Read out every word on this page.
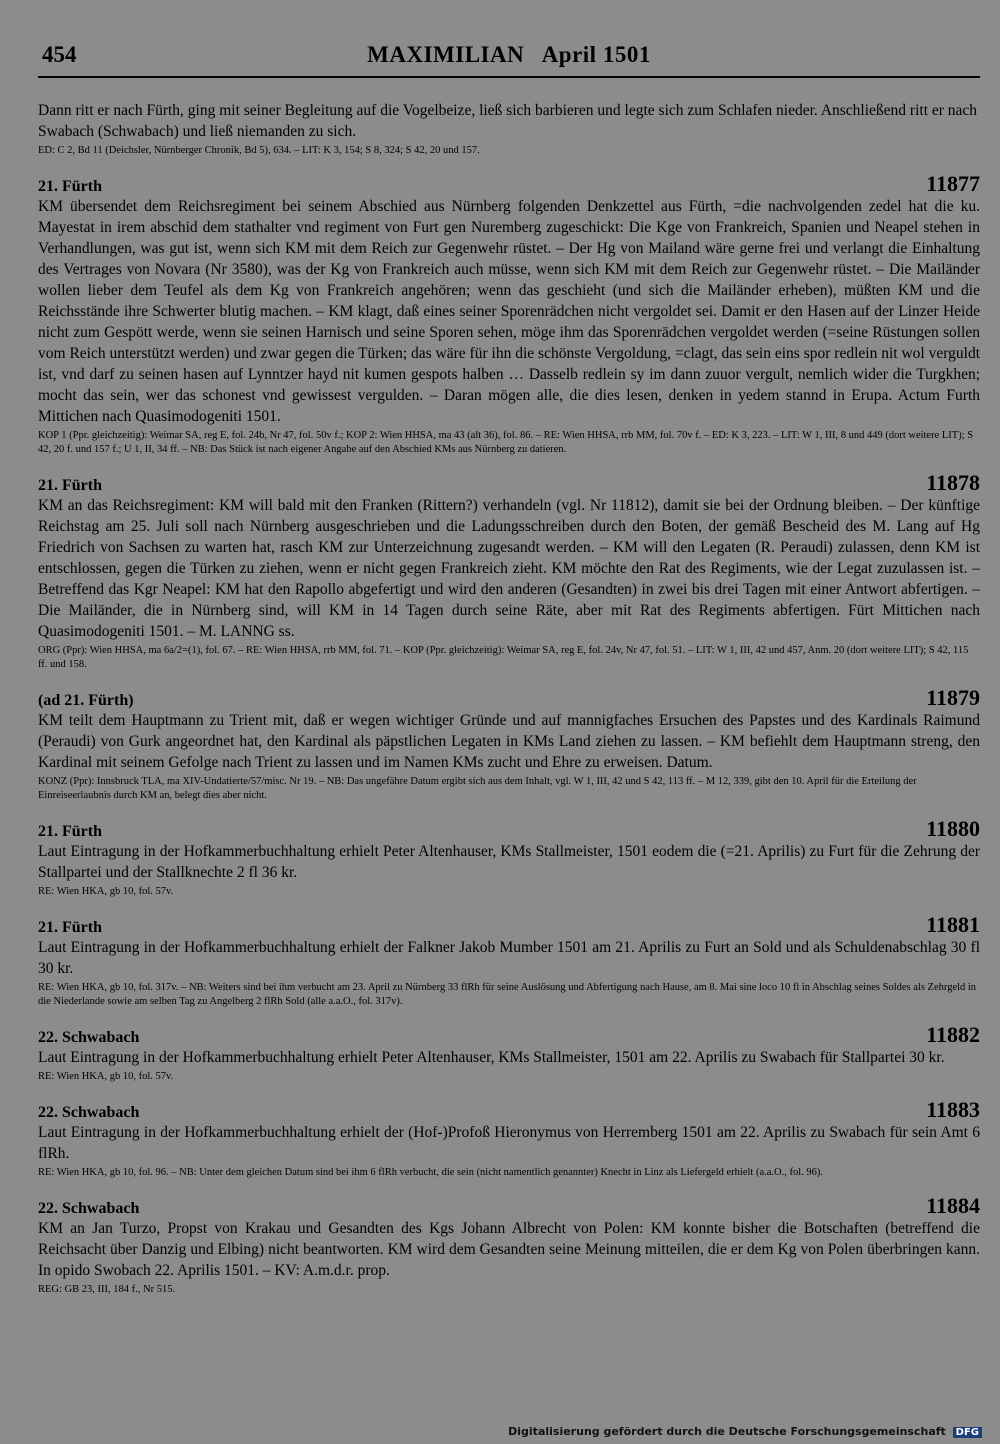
454	MAXIMILIAN   April 1501
Dann ritt er nach Fürth, ging mit seiner Begleitung auf die Vogelbeize, ließ sich barbieren und legte sich zum Schlafen nieder. Anschließend ritt er nach Swabach (Schwabach) und ließ niemanden zu sich.
ED: C 2, Bd 11 (Deichsler, Nürnberger Chronik, Bd 5), 634. – LIT: K 3, 154; S 8, 324; S 42, 20 und 157.
21. Fürth	11877
KM übersendet dem Reichsregiment bei seinem Abschied aus Nürnberg folgenden Denkzettel aus Fürth, =die nachvolgenden zedel hat die ku. Mayestat in irem abschid dem stathalter vnd regiment von Furt gen Nuremberg zugeschickt: Die Kge von Frankreich, Spanien und Neapel stehen in Verhandlungen, was gut ist, wenn sich KM mit dem Reich zur Gegenwehr rüstet. – Der Hg von Mailand wäre gerne frei und verlangt die Einhaltung des Vertrages von Novara (Nr 3580), was der Kg von Frankreich auch müsse, wenn sich KM mit dem Reich zur Gegenwehr rüstet. – Die Mailänder wollen lieber dem Teufel als dem Kg von Frankreich angehören; wenn das geschieht (und sich die Mailänder erheben), müßten KM und die Reichsstände ihre Schwerter blutig machen. – KM klagt, daß eines seiner Sporenrädchen nicht vergoldet sei. Damit er den Hasen auf der Linzer Heide nicht zum Gespött werde, wenn sie seinen Harnisch und seine Sporen sehen, möge ihm das Sporenrädchen vergoldet werden (=seine Rüstungen sollen vom Reich unterstützt werden) und zwar gegen die Türken; das wäre für ihn die schönste Vergoldung, =clagt, das sein eins spor redlein nit wol verguldt ist, vnd darf zu seinen hasen auf Lynntzer hayd nit kumen gespots halben … Dasselb redlein sy im dann zuuor vergult, nemlich wider die Turgkhen; mocht das sein, wer das schonest vnd gewissest vergulden. – Daran mögen alle, die dies lesen, denken in yedem stannd in Erupa. Actum Furth Mittichen nach Quasimodogeniti 1501.
KOP 1 (Ppr. gleichzeitig): Weimar SA, reg E, fol. 24b, Nr 47, fol. 50v f.; KOP 2: Wien HHSA, ma 43 (alt 36), fol. 86. – RE: Wien HHSA, rrb MM, fol. 70v f. – ED: K 3, 223. – LIT: W 1, III, 8 und 449 (dort weitere LIT); S 42, 20 f. und 157 f.; U 1, II, 34 ff. – NB: Das Stück ist nach eigener Angabe auf den Abschied KMs aus Nürnberg zu datieren.
21. Fürth	11878
KM an das Reichsregiment: KM will bald mit den Franken (Rittern?) verhandeln (vgl. Nr 11812), damit sie bei der Ordnung bleiben. – Der künftige Reichstag am 25. Juli soll nach Nürnberg ausgeschrieben und die Ladungsschreiben durch den Boten, der gemäß Bescheid des M. Lang auf Hg Friedrich von Sachsen zu warten hat, rasch KM zur Unterzeichnung zugesandt werden. – KM will den Legaten (R. Peraudi) zulassen, denn KM ist entschlossen, gegen die Türken zu ziehen, wenn er nicht gegen Frankreich zieht. KM möchte den Rat des Regiments, wie der Legat zuzulassen ist. – Betreffend das Kgr Neapel: KM hat den Rapollo abgefertigt und wird den anderen (Gesandten) in zwei bis drei Tagen mit einer Antwort abfertigen. – Die Mailänder, die in Nürnberg sind, will KM in 14 Tagen durch seine Räte, aber mit Rat des Regiments abfertigen. Fürt Mittichen nach Quasimodogeniti 1501. – M. LANNG ss.
ORG (Ppr): Wien HHSA, ma 6a/2=(1), fol. 67. – RE: Wien HHSA, rrb MM, fol. 71. – KOP (Ppr. gleichzeitig): Weimar SA, reg E, fol. 24v, Nr 47, fol. 51. – LIT: W 1, III, 42 und 457, Anm. 20 (dort weitere LIT); S 42, 115 ff. und 158.
(ad 21. Fürth)	11879
KM teilt dem Hauptmann zu Trient mit, daß er wegen wichtiger Gründe und auf mannigfaches Ersuchen des Papstes und des Kardinals Raimund (Peraudi) von Gurk angeordnet hat, den Kardinal als päpstlichen Legaten in KMs Land ziehen zu lassen. – KM befiehlt dem Hauptmann streng, den Kardinal mit seinem Gefolge nach Trient zu lassen und im Namen KMs zucht und Ehre zu erweisen. Datum.
KONZ (Ppr): Innsbruck TLA, ma XIV-Undatierte/57/misc. Nr 19. – NB: Das ungefähre Datum ergibt sich aus dem Inhalt, vgl. W 1, III, 42 und S 42, 113 ff. – M 12, 339, gibt den 10. April für die Erteilung der Einreiseerlaubnis durch KM an, belegt dies aber nicht.
21. Fürth	11880
Laut Eintragung in der Hofkammerbuchhaltung erhielt Peter Altenhauser, KMs Stallmeister, 1501 eodem die (=21. Aprilis) zu Furt für die Zehrung der Stallpartei und der Stallknechte 2 fl 36 kr.
RE: Wien HKA, gb 10, fol. 57v.
21. Fürth	11881
Laut Eintragung in der Hofkammerbuchhaltung erhielt der Falkner Jakob Mumber 1501 am 21. Aprilis zu Furt an Sold und als Schuldenabschlag 30 fl 30 kr.
RE: Wien HKA, gb 10, fol. 317v. – NB: Weiters sind bei ihm verbucht am 23. April zu Nürnberg 33 flRh für seine Auslösung und Abfertigung nach Hause, am 8. Mai sine loco 10 fl in Abschlag seines Soldes als Zehrgeld in die Niederlande sowie am selben Tag zu Angelberg 2 flRh Sold (alle a.a.O., fol. 317v).
22. Schwabach	11882
Laut Eintragung in der Hofkammerbuchhaltung erhielt Peter Altenhauser, KMs Stallmeister, 1501 am 22. Aprilis zu Swabach für Stallpartei 30 kr.
RE: Wien HKA, gb 10, fol. 57v.
22. Schwabach	11883
Laut Eintragung in der Hofkammerbuchhaltung erhielt der (Hof-)Profoß Hieronymus von Herremberg 1501 am 22. Aprilis zu Swabach für sein Amt 6 flRh.
RE: Wien HKA, gb 10, fol. 96. – NB: Unter dem gleichen Datum sind bei ihm 6 flRh verbucht, die sein (nicht namentlich genannter) Knecht in Linz als Liefergeld erhielt (a.a.O., fol. 96).
22. Schwabach	11884
KM an Jan Turzo, Propst von Krakau und Gesandten des Kgs Johann Albrecht von Polen: KM konnte bisher die Botschaften (betreffend die Reichsacht über Danzig und Elbing) nicht beantworten. KM wird dem Gesandten seine Meinung mitteilen, die er dem Kg von Polen überbringen kann. In opido Swobach 22. Aprilis 1501. – KV: A.m.d.r. prop.
REG: GB 23, III, 184 f., Nr 515.
Digitalisierung gefördert durch die Deutsche Forschungsgemeinschaft DFG
